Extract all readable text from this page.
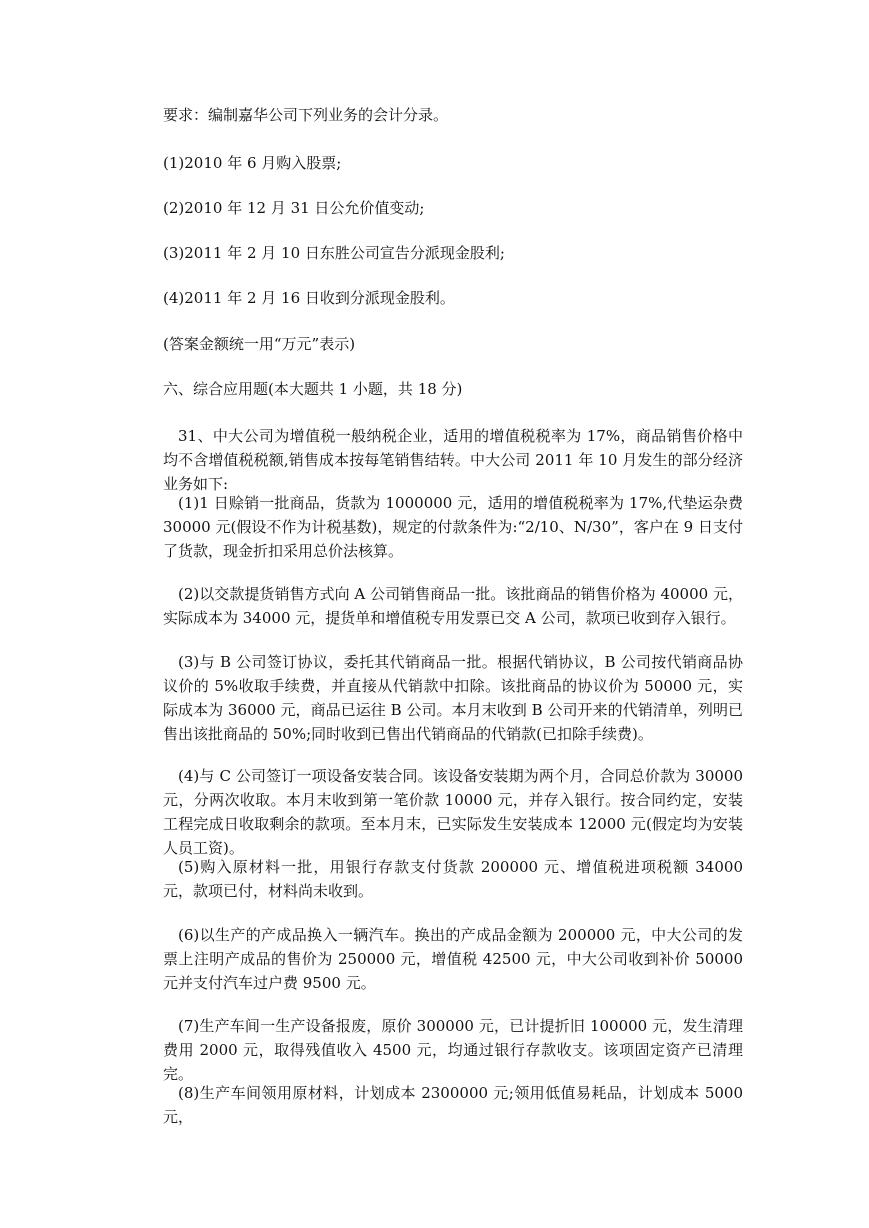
要求：编制嘉华公司下列业务的会计分录。

(1)2010 年 6 月购入股票;

(2)2010 年 12 月 31 日公允价值变动;

(3)2011 年 2 月 10 日东胜公司宣告分派现金股利;

(4)2011 年 2 月 16 日收到分派现金股利。

(答案金额统一用“万元”表示)

六、综合应用题(本大题共 1 小题，共 18 分)

31、中大公司为增值税一般纳税企业，适用的增值税税率为 17%，商品销售价格中均不含增值税税额,销售成本按每笔销售结转。中大公司 2011 年 10 月发生的部分经济业务如下:

(1)1 日赊销一批商品，货款为 1000000 元，适用的增值税税率为 17%,代垫运杂费 30000 元(假设不作为计税基数)，规定的付款条件为:“2/10、N/30”，客户在 9 日支付了货款，现金折扣采用总价法核算。

(2)以交款提货销售方式向 A 公司销售商品一批。该批商品的销售价格为 40000 元，实际成本为 34000 元，提货单和增值税专用发票已交 A 公司，款项已收到存入银行。

(3)与 B 公司签订协议，委托其代销商品一批。根据代销协议，B 公司按代销商品协议价的 5%收取手续费，并直接从代销款中扣除。该批商品的协议价为 50000 元，实际成本为 36000 元，商品已运往 B 公司。本月末收到 B 公司开来的代销清单，列明已售出该批商品的 50%;同时收到已售出代销商品的代销款(已扣除手续费)。

(4)与 C 公司签订一项设备安装合同。该设备安装期为两个月，合同总价款为 30000 元，分两次收取。本月末收到第一笔价款 10000 元，并存入银行。按合同约定，安装工程完成日收取剩余的款项。至本月末，已实际发生安装成本 12000 元(假定均为安装人员工资)。

(5)购入原材料一批，用银行存款支付货款 200000 元、增值税进项税额 34000 元，款项已付，材料尚未收到。

(6)以生产的产成品换入一辆汽车。换出的产成品金额为 200000 元，中大公司的发票上注明产成品的售价为 250000 元，增值税 42500 元，中大公司收到补价 50000 元并支付汽车过户费 9500 元。

(7)生产车间一生产设备报废，原价 300000 元，已计提折旧 100000 元，发生清理费用 2000 元，取得残值收入 4500 元，均通过银行存款收支。该项固定资产已清理完。

(8)生产车间领用原材料，计划成本 2300000 元;领用低值易耗品，计划成本 5000 元，
